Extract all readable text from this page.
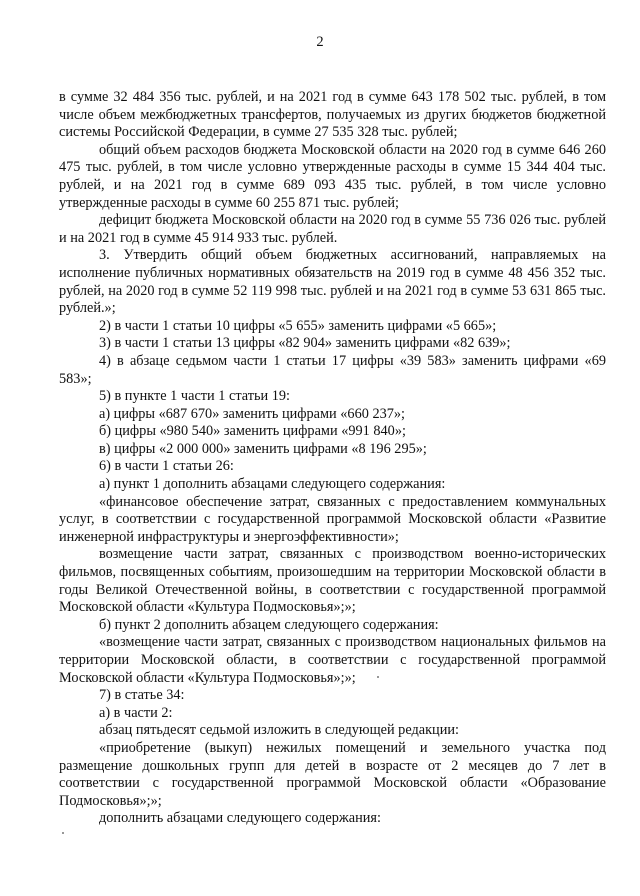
2

в сумме 32 484 356 тыс. рублей, и на 2021 год в сумме 643 178 502 тыс. рублей, в том числе объем межбюджетных трансфертов, получаемых из других бюджетов бюджетной системы Российской Федерации, в сумме 27 535 328 тыс. рублей;

общий объем расходов бюджета Московской области на 2020 год в сумме 646 260 475 тыс. рублей, в том числе условно утвержденные расходы в сумме 15 344 404 тыс. рублей, и на 2021 год в сумме 689 093 435 тыс. рублей, в том числе условно утвержденные расходы в сумме 60 255 871 тыс. рублей;

дефицит бюджета Московской области на 2020 год в сумме 55 736 026 тыс. рублей и на 2021 год в сумме 45 914 933 тыс. рублей.

3. Утвердить общий объем бюджетных ассигнований, направляемых на исполнение публичных нормативных обязательств на 2019 год в сумме 48 456 352 тыс. рублей, на 2020 год в сумме 52 119 998 тыс. рублей и на 2021 год в сумме 53 631 865 тыс. рублей.»;

2) в части 1 статьи 10 цифры «5 655» заменить цифрами «5 665»;

3) в части 1 статьи 13 цифры «82 904» заменить цифрами «82 639»;

4) в абзаце седьмом части 1 статьи 17 цифры «39 583» заменить цифрами «69 583»;

5) в пункте 1 части 1 статьи 19:

а) цифры «687 670» заменить цифрами «660 237»;

б) цифры «980 540» заменить цифрами «991 840»;

в) цифры «2 000 000» заменить цифрами «8 196 295»;

6) в части 1 статьи 26:

а) пункт 1 дополнить абзацами следующего содержания:

«финансовое обеспечение затрат, связанных с предоставлением коммунальных услуг, в соответствии с государственной программой Московской области «Развитие инженерной инфраструктуры и энергоэффективности»;

возмещение части затрат, связанных с производством военно-исторических фильмов, посвященных событиям, произошедшим на территории Московской области в годы Великой Отечественной войны, в соответствии с государственной программой Московской области «Культура Подмосковья»;»;

б) пункт 2 дополнить абзацем следующего содержания:

«возмещение части затрат, связанных с производством национальных фильмов на территории Московской области, в соответствии с государственной программой Московской области «Культура Подмосковья»;»;

7) в статье 34:

а) в части 2:

абзац пятьдесят седьмой изложить в следующей редакции:

«приобретение (выкуп) нежилых помещений и земельного участка под размещение дошкольных групп для детей в возрасте от 2 месяцев до 7 лет в соответствии с государственной программой Московской области «Образование Подмосковья»;»;

дополнить абзацами следующего содержания:
